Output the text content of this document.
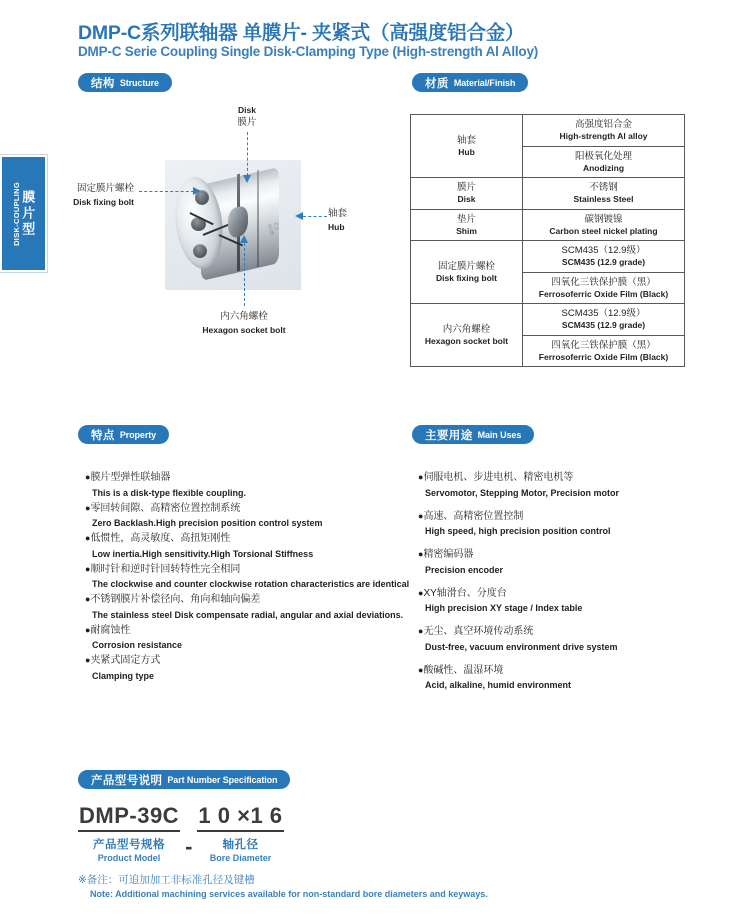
膜片型
DISK-COUPLING
DMP-C系列联轴器 单膜片- 夹紧式（高强度铝合金）
DMP-C Serie Coupling Single Disk-Clamping Type (High-strength Al Alloy)
结构 Structure	材质 Material/Finish
特点 Property	主要用途 Main Uses
产品型号说明 Part Number Specification
C 2 ±0.05
Disk
膜片
固定膜片螺栓
Disk fixing bolt
轴套
Hub
内六角螺栓
Hexagon socket bolt
轴套
Hub	高强度铝合金
High-strength Al alloy

	阳极氧化处理
Anodizing

膜片
Disk	不锈钢
Stainless Steel

垫片
Shim	碳钢镀镍
Carbon steel nickel plating

固定膜片螺栓
Disk fixing bolt	SCM435（12.9级）
SCM435 (12.9 grade)

	四氧化三铁保护膜（黑）
Ferrosoferric Oxide Film (Black)

内六角螺栓
Hexagon socket bolt	SCM435（12.9级）
SCM435 (12.9 grade)

	四氧化三铁保护膜（黑）
Ferrosoferric Oxide Film (Black)
●膜片型弹性联轴器
This is a disk-type flexible coupling.
●零回转间隙、高精密位置控制系统
Zero Backlash.High precision position control system
●低惯性，高灵敏度、高扭矩刚性
Low inertia.High sensitivity.High Torsional Stiffness
●顺时针和逆时针回转特性完全相同
The clockwise and counter clockwise rotation characteristics are identical
●不锈钢膜片补偿径向、角向和轴向偏差
The stainless steel Disk compensate radial, angular and axial deviations.
●耐腐蚀性
Corrosion resistance
●夹紧式固定方式
Clamping type
●伺服电机、步进电机、精密电机等
Servomotor, Stepping Motor, Precision motor
●高速、高精密位置控制
High speed, high precision position control
●精密编码器
Precision encoder
●XY轴滑台、分度台
High precision XY stage / Index table
●无尘、真空环境传动系统
Dust-free, vacuum environment drive system
●酸碱性、温湿环境
Acid, alkaline, humid environment
DMP-39C
产品型号规格
Product Model -
1 0 ×1 6
轴孔径
Bore Diameter
※备注：可追加加工非标准孔径及键槽
Note: Additional machining services available for non-standard bore diameters and keyways.
